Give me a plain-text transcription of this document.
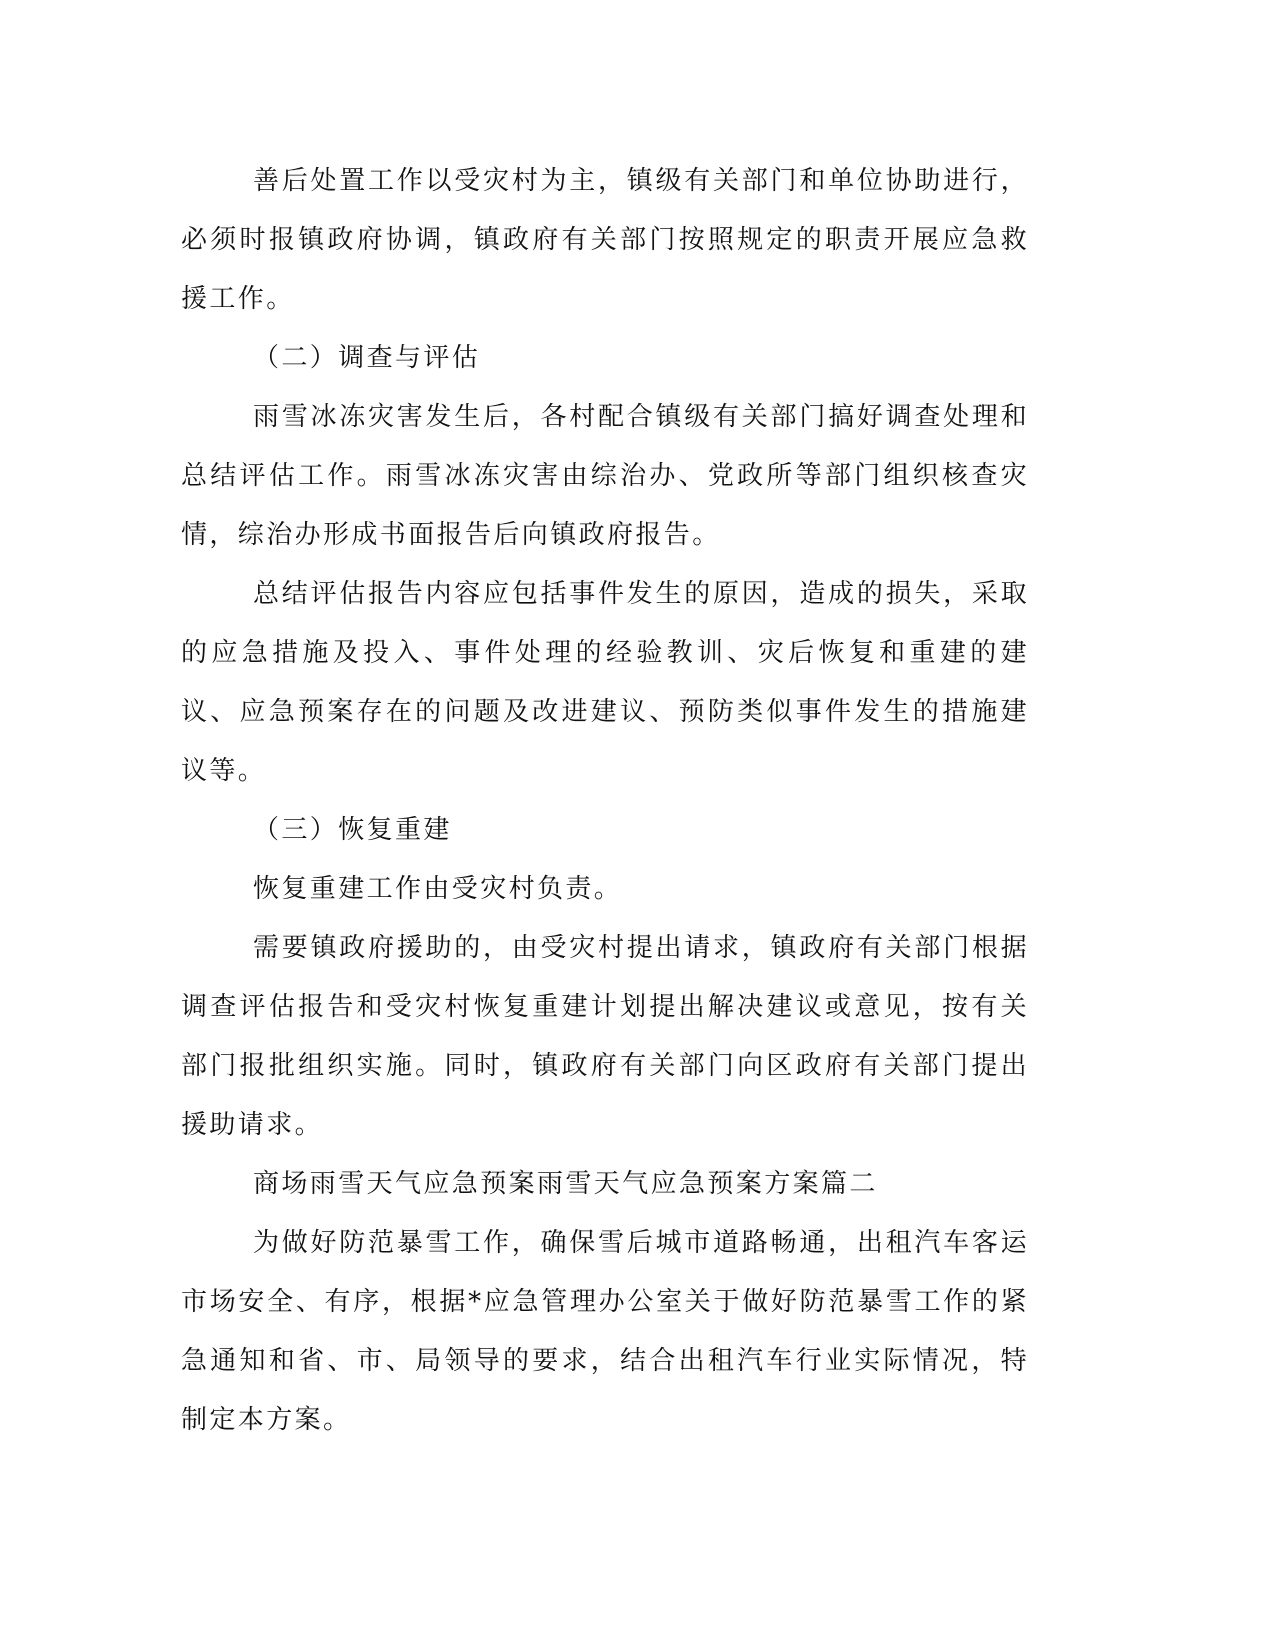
善后处置工作以受灾村为主，镇级有关部门和单位协助进行，必须时报镇政府协调，镇政府有关部门按照规定的职责开展应急救援工作。

（二）调查与评估

雨雪冰冻灾害发生后，各村配合镇级有关部门搞好调查处理和总结评估工作。雨雪冰冻灾害由综治办、党政所等部门组织核查灾情，综治办形成书面报告后向镇政府报告。

总结评估报告内容应包括事件发生的原因，造成的损失，采取的应急措施及投入、事件处理的经验教训、灾后恢复和重建的建议、应急预案存在的问题及改进建议、预防类似事件发生的措施建议等。

（三）恢复重建

恢复重建工作由受灾村负责。

需要镇政府援助的，由受灾村提出请求，镇政府有关部门根据调查评估报告和受灾村恢复重建计划提出解决建议或意见，按有关部门报批组织实施。同时，镇政府有关部门向区政府有关部门提出援助请求。

商场雨雪天气应急预案雨雪天气应急预案方案篇二

为做好防范暴雪工作，确保雪后城市道路畅通，出租汽车客运市场安全、有序，根据*应急管理办公室关于做好防范暴雪工作的紧急通知和省、市、局领导的要求，结合出租汽车行业实际情况，特制定本方案。
